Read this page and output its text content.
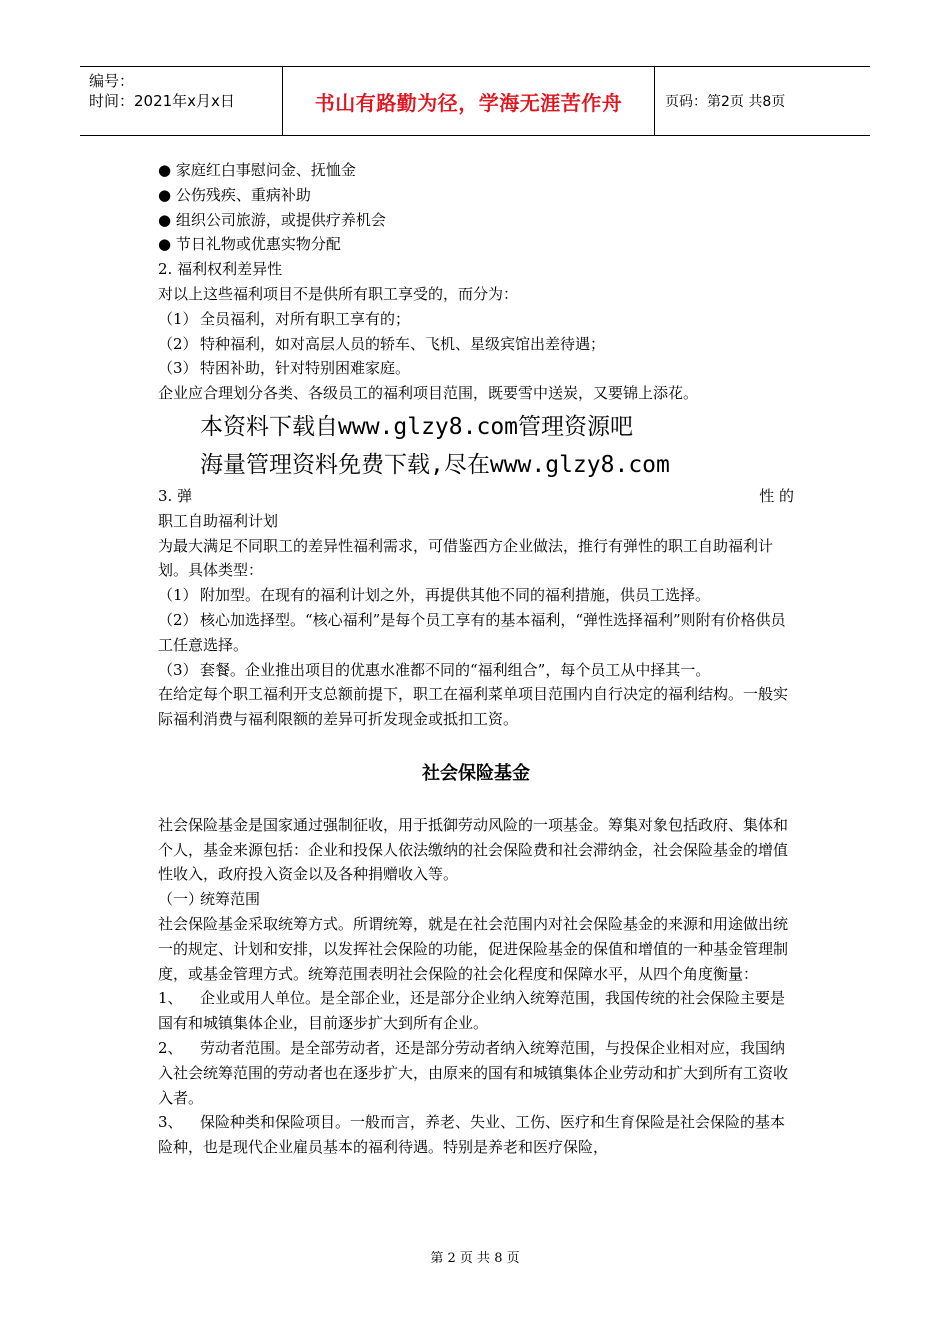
编号：
时间：2021年x月x日	书山有路勤为径，学海无涯苦作舟	页码：第2页 共8页

● 家庭红白事慰问金、抚恤金

● 公伤残疾、重病补助

● 组织公司旅游，或提供疗养机会

● 节日礼物或优惠实物分配

2. 福利权利差异性

对以上这些福利项目不是供所有职工享受的，而分为：

（1） 全员福利，对所有职工享有的；

（2） 特种福利，如对高层人员的轿车、飞机、星级宾馆出差待遇；

（3） 特困补助，针对特别困难家庭。

企业应合理划分各类、各级员工的福利项目范围，既要雪中送炭，又要锦上添花。

本资料下载自www.glzy8.com管理资源吧
海量管理资料免费下载,尽在www.glzy8.com

3. 弹	性 的

职工自助福利计划

为最大满足不同职工的差异性福利需求，可借鉴西方企业做法，推行有弹性的职工自助福利计划。具体类型：

（1） 附加型。在现有的福利计划之外，再提供其他不同的福利措施，供员工选择。

（2） 核心加选择型。“核心福利”是每个员工享有的基本福利，“弹性选择福利”则附有价格供员工任意选择。

（3） 套餐。企业推出项目的优惠水准都不同的“福利组合”，每个员工从中择其一。

在给定每个职工福利开支总额前提下，职工在福利菜单项目范围内自行决定的福利结构。一般实际福利消费与福利限额的差异可折发现金或抵扣工资。

社会保险基金

社会保险基金是国家通过强制征收，用于抵御劳动风险的一项基金。筹集对象包括政府、集体和个人，基金来源包括：企业和投保人依法缴纳的社会保险费和社会滞纳金，社会保险基金的增值性收入，政府投入资金以及各种捐赠收入等。

（一）统筹范围

社会保险基金采取统筹方式。所谓统筹，就是在社会范围内对社会保险基金的来源和用途做出统一的规定、计划和安排，以发挥社会保险的功能，促进保险基金的保值和增值的一种基金管理制度，或基金管理方式。统筹范围表明社会保险的社会化程度和保障水平，从四个角度衡量：

1、 企业或用人单位。是全部企业，还是部分企业纳入统筹范围，我国传统的社会保险主要是国有和城镇集体企业，目前逐步扩大到所有企业。

2、 劳动者范围。是全部劳动者，还是部分劳动者纳入统筹范围，与投保企业相对应，我国纳入社会统筹范围的劳动者也在逐步扩大，由原来的国有和城镇集体企业劳动和扩大到所有工资收入者。

3、 保险种类和保险项目。一般而言，养老、失业、工伤、医疗和生育保险是社会保险的基本险种，也是现代企业雇员基本的福利待遇。特别是养老和医疗保险，

第 2 页 共 8 页
